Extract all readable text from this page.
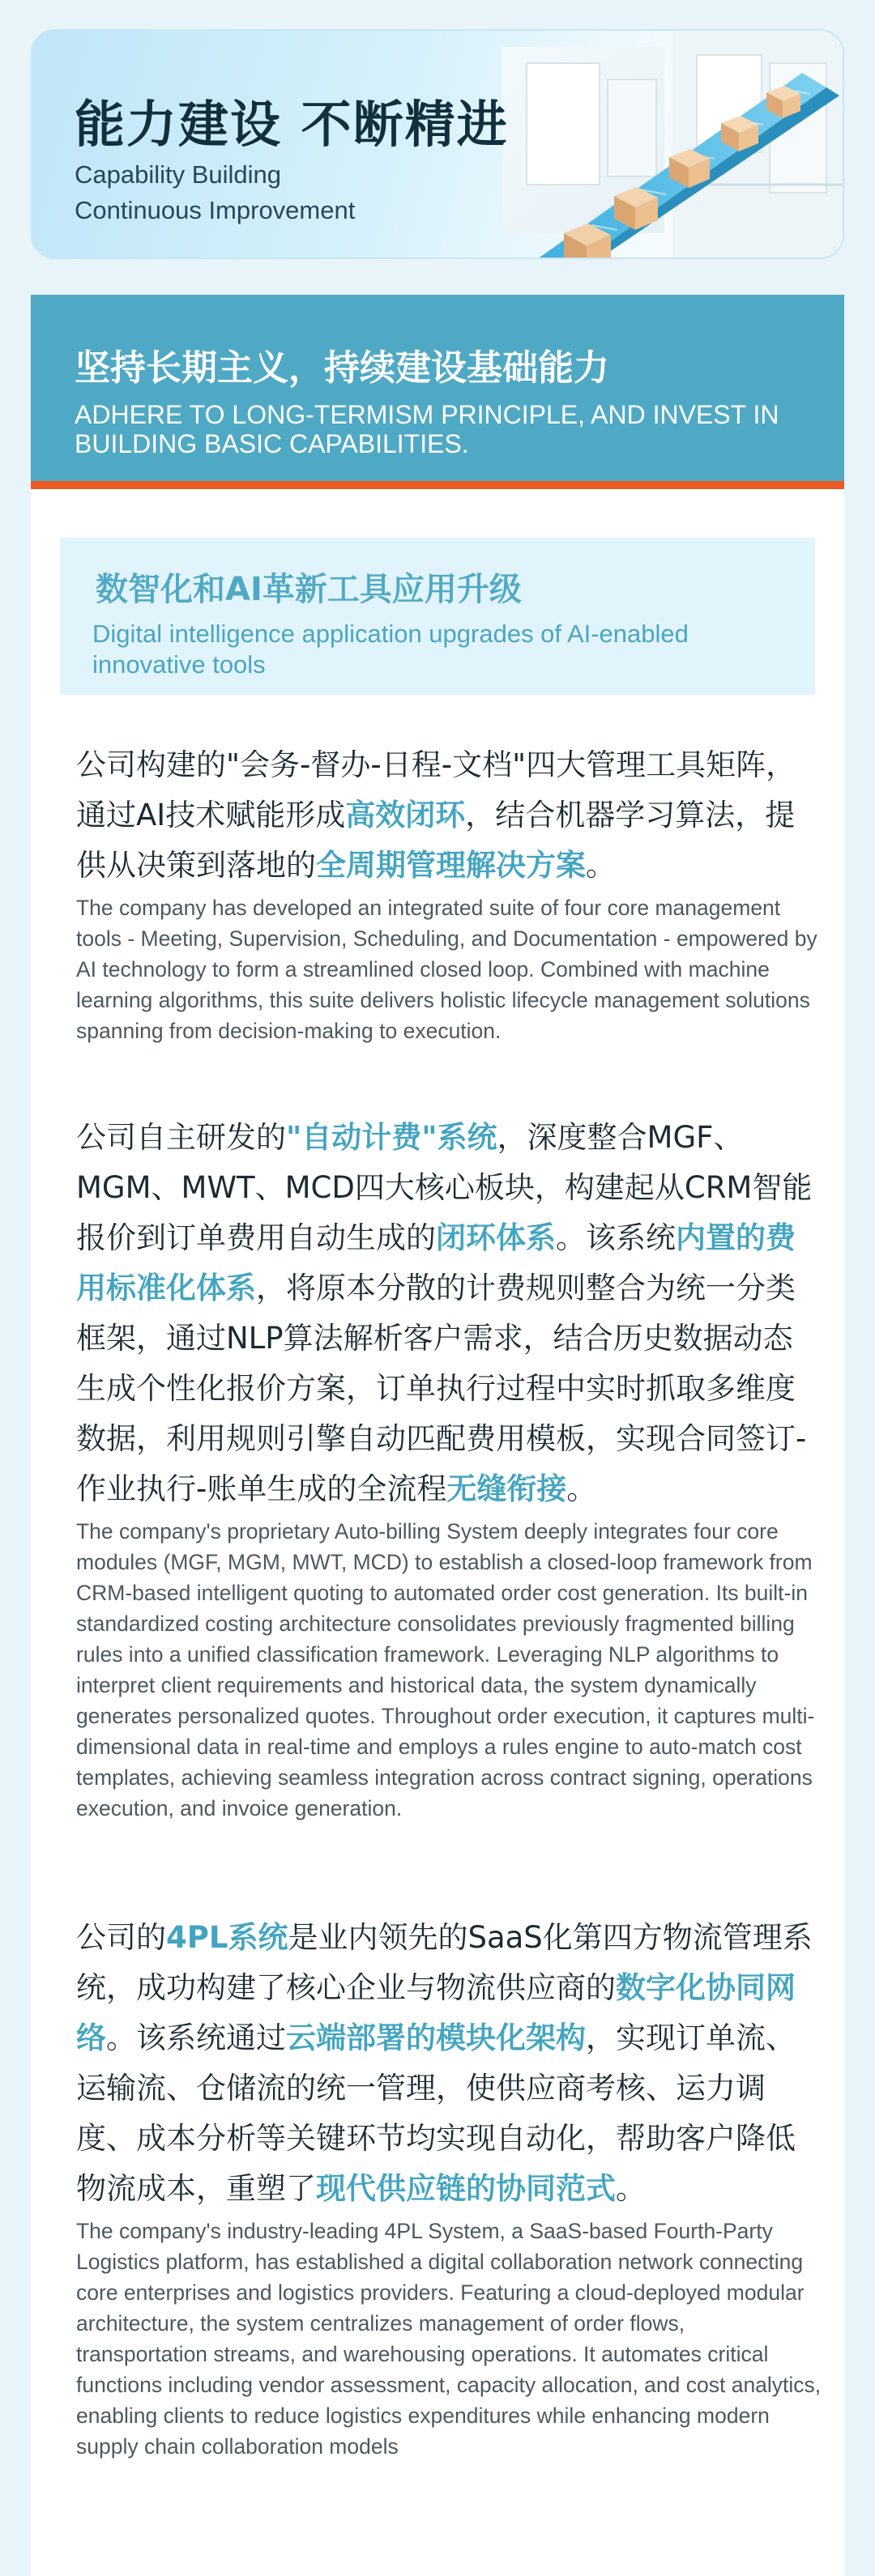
能力建设 不断精进
Capability Building
Continuous Improvement
坚持长期主义，持续建设基础能力
ADHERE TO LONG-TERMISM PRINCIPLE, AND INVEST IN BUILDING BASIC CAPABILITIES.
数智化和AI革新工具应用升级
Digital intelligence application upgrades of AI-enabled innovative tools
公司构建的"会务-督办-日程-文档"四大管理工具矩阵，通过AI技术赋能形成高效闭环，结合机器学习算法，提供从决策到落地的全周期管理解决方案。
The company has developed an integrated suite of four core management tools - Meeting, Supervision, Scheduling, and Documentation - empowered by AI technology to form a streamlined closed loop. Combined with machine learning algorithms, this suite delivers holistic lifecycle management solutions spanning from decision-making to execution.
公司自主研发的"自动计费"系统，深度整合MGF、MGM、MWT、MCD四大核心板块，构建起从CRM智能报价到订单费用自动生成的闭环体系。该系统内置的费用标准化体系，将原本分散的计费规则整合为统一分类框架，通过NLP算法解析客户需求，结合历史数据动态生成个性化报价方案，订单执行过程中实时抓取多维度数据，利用规则引擎自动匹配费用模板，实现合同签订-作业执行-账单生成的全流程无缝衔接。
The company's proprietary Auto-billing System deeply integrates four core modules (MGF, MGM, MWT, MCD) to establish a closed-loop framework from CRM-based intelligent quoting to automated order cost generation. Its built-in standardized costing architecture consolidates previously fragmented billing rules into a unified classification framework. Leveraging NLP algorithms to interpret client requirements and historical data, the system dynamically generates personalized quotes. Throughout order execution, it captures multi-dimensional data in real-time and employs a rules engine to auto-match cost templates, achieving seamless integration across contract signing, operations execution, and invoice generation.
公司的4PL系统是业内领先的SaaS化第四方物流管理系统，成功构建了核心企业与物流供应商的数字化协同网络。该系统通过云端部署的模块化架构，实现订单流、运输流、仓储流的统一管理，使供应商考核、运力调度、成本分析等关键环节均实现自动化，帮助客户降低物流成本，重塑了现代供应链的协同范式。
The company's industry-leading 4PL System, a SaaS-based Fourth-Party Logistics platform, has established a digital collaboration network connecting core enterprises and logistics providers. Featuring a cloud-deployed modular architecture, the system centralizes management of order flows, transportation streams, and warehousing operations. It automates critical functions including vendor assessment, capacity allocation, and cost analytics, enabling clients to reduce logistics expenditures while enhancing modern supply chain collaboration models
